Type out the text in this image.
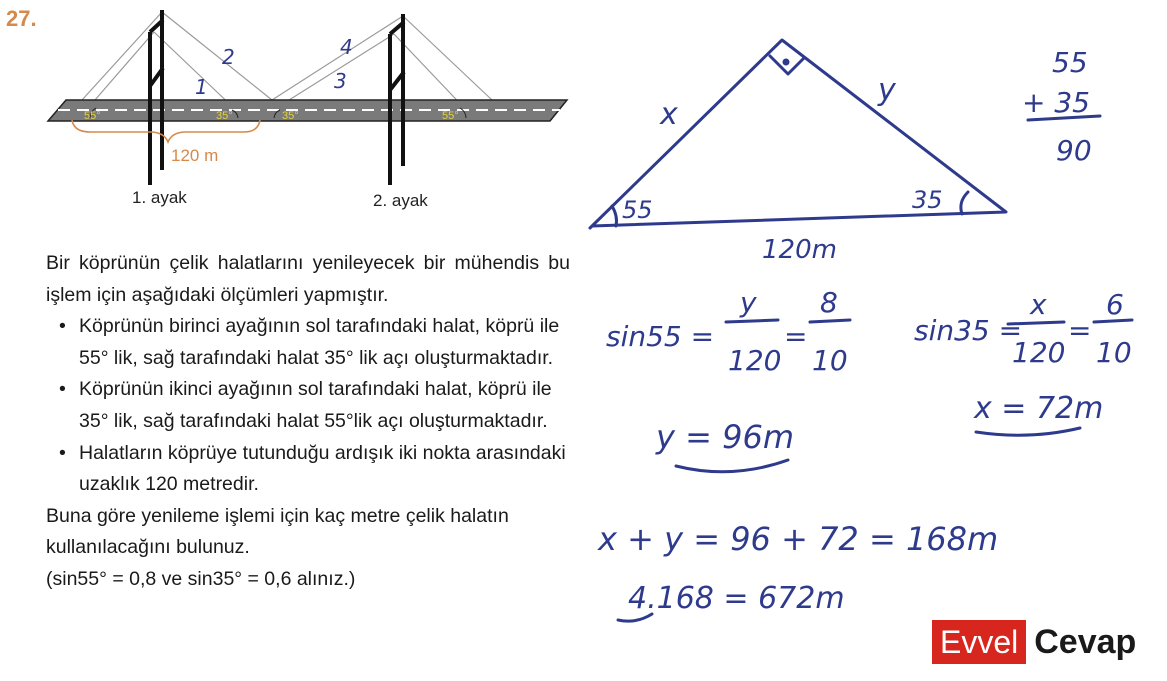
27.
55°	35°	35°	55°
1
2
3
4
120 m
1. ayak	2. ayak
Bir köprünün çelik halatlarını yenileyecek bir mühendis bu işlem için aşağıdaki ölçümleri yapmıştır.
• Köprünün birinci ayağının sol tarafındaki halat, köprü ile 55° lik, sağ tarafındaki halat 35° lik açı oluşturmaktadır.
• Köprünün ikinci ayağının sol tarafındaki halat, köprü ile 35° lik, sağ tarafındaki halat 55°lik açı oluşturmaktadır.
• Halatların köprüye tutunduğu ardışık iki nokta arasındaki uzaklık 120 metredir.
Buna göre yenileme işlemi için kaç metre çelik halatın kullanılacağını bulunuz.
(sin55° = 0,8 ve sin35° = 0,6 alınız.)
x
y
55	35
120m
55
+ 35
90
sin55 =
y
120
=
8
10
sin35 =
x
120
=
6
10
y = 96m
x = 72m
x + y = 96 + 72 = 168m
4.168 = 672m
Evvel Cevap
